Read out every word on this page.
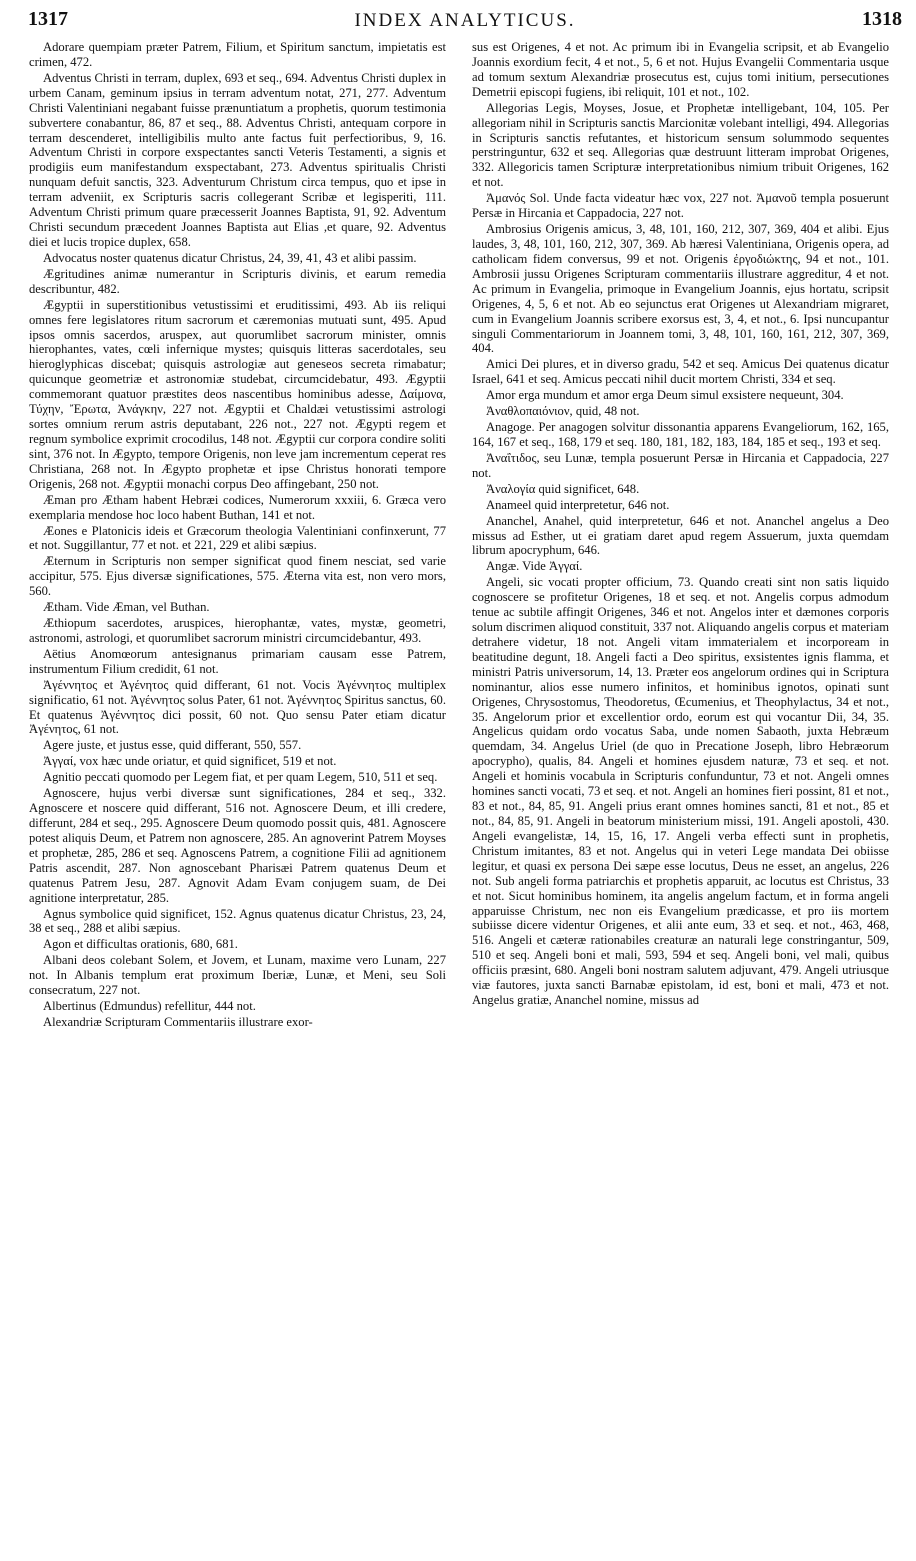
1317	INDEX ANALYTICUS.	1318

Adorare quempiam præter Patrem, Filium, et Spiritum sanctum, impietatis est crimen, 472.

Adventus Christi in terram, duplex, 693 et seq., 694. Adventus Christi duplex in urbem Canam, geminum ipsius in terram adventum notat, 271, 277. Adventum Christi Valentiniani negabant fuisse prænuntiatum a prophetis, quorum testimonia subvertere conabantur, 86, 87 et seq., 88. Adventus Christi, antequam corpore in terram descenderet, intelligibilis multo ante factus fuit perfectioribus, 9, 16. Adventum Christi in corpore exspectantes sancti Veteris Testamenti, a signis et prodigiis eum manifestandum exspectabant, 273. Adventus spiritualis Christi nunquam defuit sanctis, 323. Adventurum Christum circa tempus, quo et ipse in terram adveniit, ex Scripturis sacris collegerant Scribæ et legisperiti, 111. Adventum Christi primum quare præcesserit Joannes Baptista, 91, 92. Adventum Christi secundum præcedent Joannes Baptista aut Elias ,et quare, 92. Adventus diei et lucis tropice duplex, 658.

Advocatus noster quatenus dicatur Christus, 24, 39, 41, 43 et alibi passim.

Ægritudines animæ numerantur in Scripturis divinis, et earum remedia describuntur, 482.

Ægyptii in superstitionibus vetustissimi et eruditissimi, 493. Ab iis reliqui omnes fere legislatores ritum sacrorum et cæremonias mutuati sunt, 495. Apud ipsos omnis sacerdos, aruspex, aut quorumlibet sacrorum minister, omnis hierophantes, vates, cœli infernique mystes; quisquis litteras sacerdotales, seu hieroglyphicas discebat; quisquis astrologiæ aut geneseos secreta rimabatur; quicunque geometriæ et astronomiæ studebat, circumcidebatur, 493. Ægyptii commemorant quatuor præstites deos nascentibus hominibus adesse, Δαίμονα, Τύχην, Ἔρωτα, Ἀνάγκην, 227 not. Ægyptii et Chaldæi vetustissimi astrologi sortes omnium rerum astris deputabant, 226 not., 227 not. Ægypti regem et regnum symbolice exprimit crocodilus, 148 not. Ægyptii cur corpora condire soliti sint, 376 not. In Ægypto, tempore Origenis, non leve jam incrementum ceperat res Christiana, 268 not. In Ægypto prophetæ et ipse Christus honorati tempore Origenis, 268 not. Ægyptii monachi corpus Deo affingebant, 250 not.

Æman pro Ætham habent Hebræi codices, Numerorum xxxiii, 6. Græca vero exemplaria mendose hoc loco habent Buthan, 141 et not.

Æones e Platonicis ideis et Græcorum theologia Valentiniani confinxerunt, 77 et not. Suggillantur, 77 et not. et 221, 229 et alibi sæpius.

Æternum in Scripturis non semper significat quod finem nesciat, sed varie accipitur, 575. Ejus diversæ significationes, 575. Æterna vita est, non vero mors, 560.

Ætham. Vide Æman, vel Buthan.

Æthiopum sacerdotes, aruspices, hierophantæ, vates, mystæ, geometri, astronomi, astrologi, et quorumlibet sacrorum ministri circumcidebantur, 493.

Aëtius Anomœorum antesignanus primariam causam esse Patrem, instrumentum Filium credidit, 61 not.

Ἀγέννητος et Ἀγένητος quid differant, 61 not. Vocis Ἀγέννητος multiplex significatio, 61 not. Ἀγέννητος solus Pater, 61 not. Ἀγέννητος Spiritus sanctus, 60. Et quatenus Ἀγέννητος dici possit, 60 not. Quo sensu Pater etiam dicatur Ἀγένητος, 61 not.

Agere juste, et justus esse, quid differant, 550, 557.

Ἀγγαί, vox hæc unde oriatur, et quid significet, 519 et not.

Agnitio peccati quomodo per Legem fiat, et per quam Legem, 510, 511 et seq.

Agnoscere, hujus verbi diversæ sunt significationes, 284 et seq., 332. Agnoscere et noscere quid differant, 516 not. Agnoscere Deum, et illi credere, differunt, 284 et seq., 295. Agnoscere Deum quomodo possit quis, 481. Agnoscere potest aliquis Deum, et Patrem non agnoscere, 285. An agnoverint Patrem Moyses et prophetæ, 285, 286 et seq. Agnoscens Patrem, a cognitione Filii ad agnitionem Patris ascendit, 287. Non agnoscebant Pharisæi Patrem quatenus Deum et quatenus Patrem Jesu, 287. Agnovit Adam Evam conjugem suam, de Dei agnitione interpretatur, 285.

Agnus symbolice quid significet, 152. Agnus quatenus dicatur Christus, 23, 24, 38 et seq., 288 et alibi sæpius.

Agon et difficultas orationis, 680, 681.

Albani deos colebant Solem, et Jovem, et Lunam, maxime vero Lunam, 227 not. In Albanis templum erat proximum Iberiæ, Lunæ, et Meni, seu Soli consecratum, 227 not.

Albertinus (Edmundus) refellitur, 444 not.

Alexandriæ Scripturam Commentariis illustrare exor-

sus est Origenes, 4 et not. Ac primum ibi in Evangelia scripsit, et ab Evangelio Joannis exordium fecit, 4 et not., 5, 6 et not. Hujus Evangelii Commentaria usque ad tomum sextum Alexandriæ prosecutus est, cujus tomi initium, persecutiones Demetrii episcopi fugiens, ibi reliquit, 101 et not., 102.

Allegorias Legis, Moyses, Josue, et Prophetæ intelligebant, 104, 105. Per allegoriam nihil in Scripturis sanctis Marcionitæ volebant intelligi, 494. Allegorias in Scripturis sanctis refutantes, et historicum sensum solummodo sequentes perstringuntur, 632 et seq. Allegorias quæ destruunt litteram improbat Origenes, 332. Allegoricis tamen Scripturæ interpretationibus nimium tribuit Origenes, 162 et not.

Ἀμανός Sol. Unde facta videatur hæc vox, 227 not. Ἀμανοῦ templa posuerunt Persæ in Hircania et Cappadocia, 227 not.

Ambrosius Origenis amicus, 3, 48, 101, 160, 212, 307, 369, 404 et alibi. Ejus laudes, 3, 48, 101, 160, 212, 307, 369. Ab hæresi Valentiniana, Origenis opera, ad catholicam fidem conversus, 99 et not. Origenis ἐργοδιώκτης, 94 et not., 101. Ambrosii jussu Origenes Scripturam commentariis illustrare aggreditur, 4 et not. Ac primum in Evangelia, primoque in Evangelium Joannis, ejus hortatu, scripsit Origenes, 4, 5, 6 et not. Ab eo sejunctus erat Origenes ut Alexandriam migraret, cum in Evangelium Joannis scribere exorsus est, 3, 4, et not., 6. Ipsi nuncupantur singuli Commentariorum in Joannem tomi, 3, 48, 101, 160, 161, 212, 307, 369, 404.

Amici Dei plures, et in diverso gradu, 542 et seq. Amicus Dei quatenus dicatur Israel, 641 et seq. Amicus peccati nihil ducit mortem Christi, 334 et seq.

Amor erga mundum et amor erga Deum simul exsistere nequeunt, 304.

Ἀναθλοπαιόνιον, quid, 48 not.

Anagoge. Per anagogen solvitur dissonantia apparens Evangeliorum, 162, 165, 164, 167 et seq., 168, 179 et seq. 180, 181, 182, 183, 184, 185 et seq., 193 et seq.

Ἀναΐτιδος, seu Lunæ, templa posuerunt Persæ in Hircania et Cappadocia, 227 not.

Ἀναλογία quid significet, 648.

Anameel quid interpretetur, 646 not.

Ananchel, Anahel, quid interpretetur, 646 et not. Ananchel angelus a Deo missus ad Esther, ut ei gratiam daret apud regem Assuerum, juxta quemdam librum apocryphum, 646.

Angæ. Vide Ἀγγαί.

Angeli, sic vocati propter officium, 73. Quando creati sint non satis liquido cognoscere se profitetur Origenes, 18 et seq. et not. Angelis corpus admodum tenue ac subtile affingit Origenes, 346 et not. Angelos inter et dæmones corporis solum discrimen aliquod constituit, 337 not. Aliquando angelis corpus et materiam detrahere videtur, 18 not. Angeli vitam immaterialem et incorpoream in beatitudine degunt, 18. Angeli facti a Deo spiritus, exsistentes ignis flamma, et ministri Patris universorum, 14, 13. Præter eos angelorum ordines qui in Scriptura nominantur, alios esse numero infinitos, et hominibus ignotos, opinati sunt Origenes, Chrysostomus, Theodoretus, Œcumenius, et Theophylactus, 34 et not., 35. Angelorum prior et excellentior ordo, eorum est qui vocantur Dii, 34, 35. Angelicus quidam ordo vocatus Saba, unde nomen Sabaoth, juxta Hebræum quemdam, 34. Angelus Uriel (de quo in Precatione Joseph, libro Hebræorum apocrypho), qualis, 84. Angeli et homines ejusdem naturæ, 73 et seq. et not. Angeli et hominis vocabula in Scripturis confunduntur, 73 et not. Angeli omnes homines sancti vocati, 73 et seq. et not. Angeli an homines fieri possint, 81 et not., 83 et not., 84, 85, 91. Angeli prius erant omnes homines sancti, 81 et not., 85 et not., 84, 85, 91. Angeli in beatorum ministerium missi, 191. Angeli apostoli, 430. Angeli evangelistæ, 14, 15, 16, 17. Angeli verba effecti sunt in prophetis, Christum imitantes, 83 et not. Angelus qui in veteri Lege mandata Dei obiisse legitur, et quasi ex persona Dei sæpe esse locutus, Deus ne esset, an angelus, 226 not. Sub angeli forma patriarchis et prophetis apparuit, ac locutus est Christus, 33 et not. Sicut hominibus hominem, ita angelis angelum factum, et in forma angeli apparuisse Christum, nec non eis Evangelium prædicasse, et pro iis mortem subiisse dicere videntur Origenes, et alii ante eum, 33 et seq. et not., 463, 468, 516. Angeli et cæteræ rationabiles creaturæ an naturali lege constringantur, 509, 510 et seq. Angeli boni et mali, 593, 594 et seq. Angeli boni, vel mali, quibus officiis præsint, 680. Angeli boni nostram salutem adjuvant, 479. Angeli utriusque viæ fautores, juxta sancti Barnabæ epistolam, id est, boni et mali, 473 et not. Angelus gratiæ, Ananchel nomine, missus ad
